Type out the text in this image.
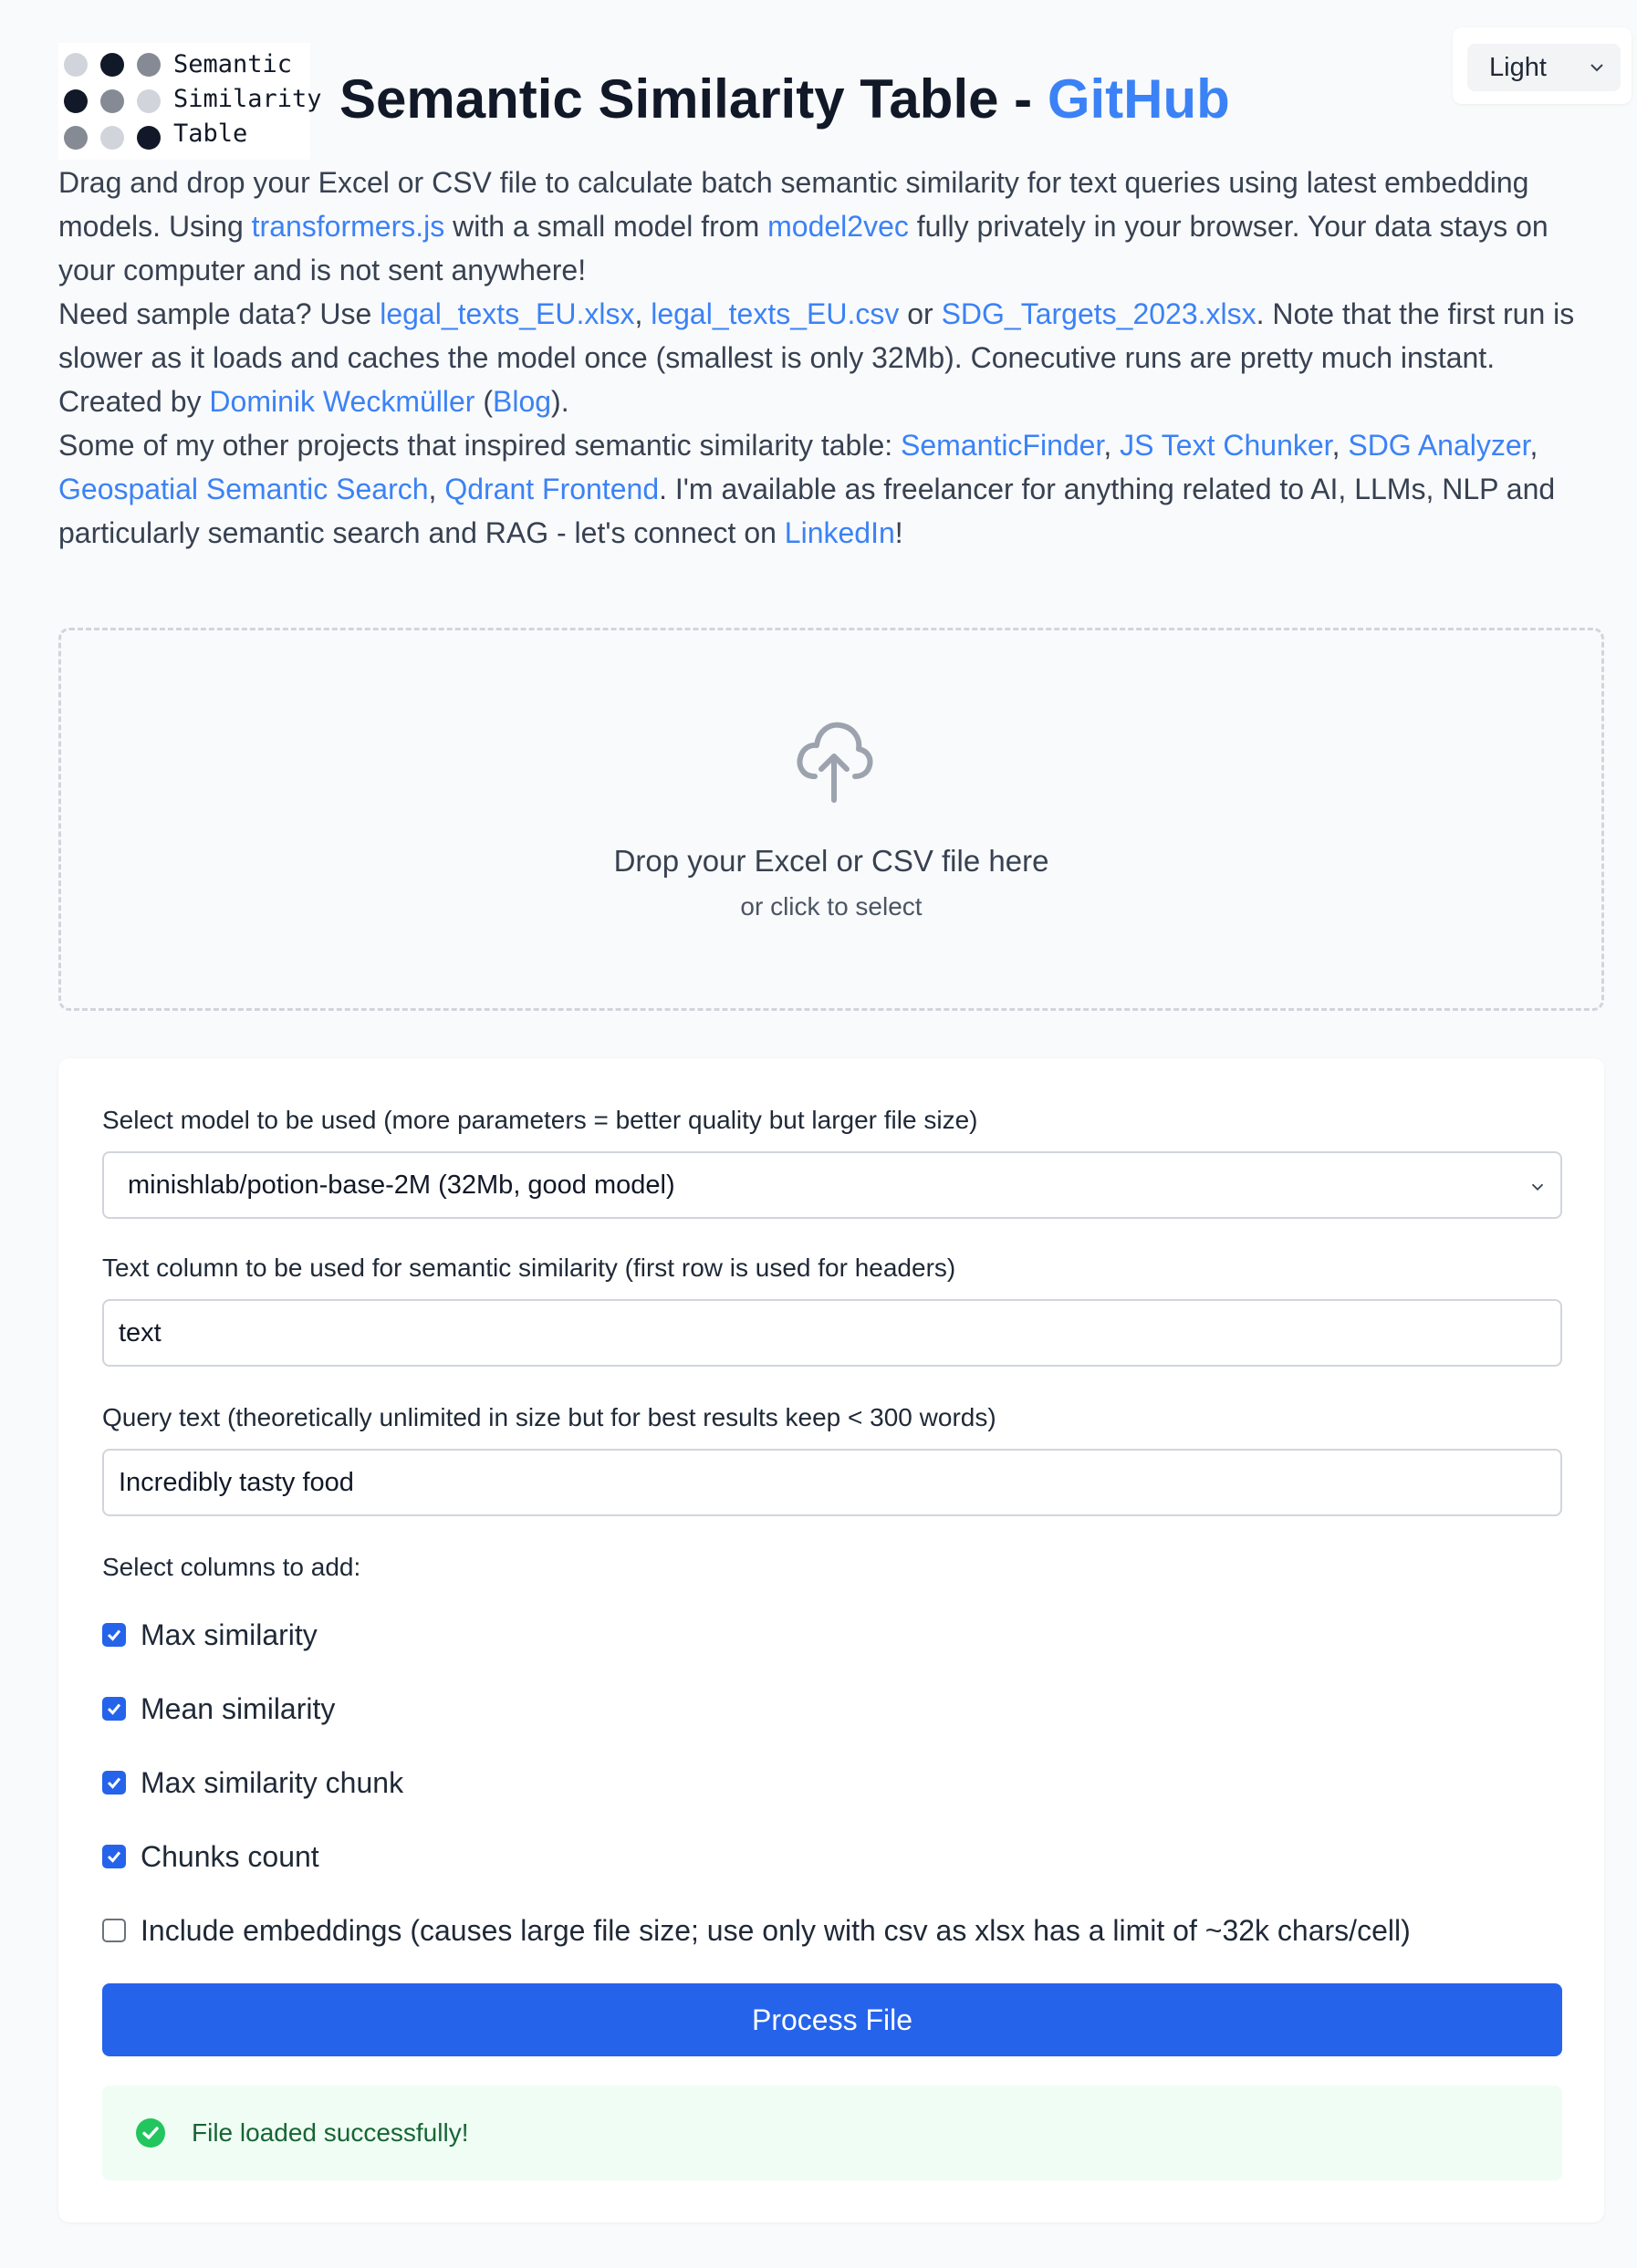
Light
Semantic
Similarity
Table
Semantic Similarity Table - GitHub

Drag and drop your Excel or CSV file to calculate batch semantic similarity for text queries using latest embedding models. Using transformers.js with a small model from model2vec fully privately in your browser. Your data stays on your computer and is not sent anywhere!

Need sample data? Use legal_texts_EU.xlsx, legal_texts_EU.csv or SDG_Targets_2023.xlsx. Note that the first run is slower as it loads and caches the model once (smallest is only 32Mb). Conecutive runs are pretty much instant.

Created by Dominik Weckmüller (Blog).

Some of my other projects that inspired semantic similarity table: SemanticFinder, JS Text Chunker, SDG Analyzer, Geospatial Semantic Search, Qdrant Frontend. I'm available as freelancer for anything related to AI, LLMs, NLP and particularly semantic search and RAG - let's connect on LinkedIn!

Drop your Excel or CSV file here
or click to select
Select model to be used (more parameters = better quality but larger file size)
minishlab/potion-base-2M (32Mb, good model)
Text column to be used for semantic similarity (first row is used for headers)
text
Query text (theoretically unlimited in size but for best results keep < 300 words)
Incredibly tasty food
Select columns to add:
Max similarity
Mean similarity
Max similarity chunk
Chunks count
Include embeddings (causes large file size; use only with csv as xlsx has a limit of ~32k chars/cell)
Process File
File loaded successfully!
